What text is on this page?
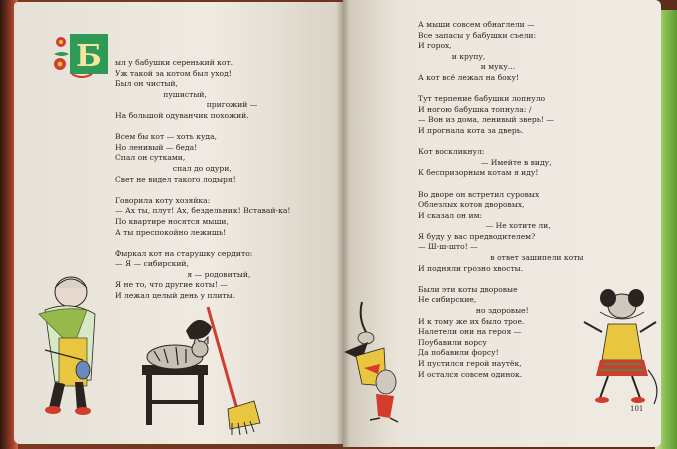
Б ыл у бабушки серенький кот.
Уж такой за котом был уход!
Был он чистый,
пушистый,
пригожий —
На большой одуванчик похожий.

Всем бы кот — хоть куда,
Но ленивый — беда!
Спал он сутками,
спал до одури,
Свет не видел такого лодыря!

Говорила коту хозяйка:
— Ах ты, плут! Ах, бездельник! Вставай-ка!
По квартире носятся мыши,
А ты преспокойно лежишь!

Фыркал кот на старушку сердито:
— Я — сибирский,
я — родовитый,
Я не то, что другие коты! —
И лежал целый день у плиты.
А мыши совсем обнаглели —
Все запасы у бабушки съели:
И горох,
и крупу,
и муку...
А кот всё лежал на боку!

Тут терпение бабушки лопнуло
И ногою бабушка топнула: /
— Вон из дома, ленивый зверь! —
И прогнала кота за дверь.

Кот воскликнул:
— Имейте в виду,
К беспризорным котам я иду!

Во дворе он встретил суровых
Облезлых котов дворовых,
И сказал он им:
— Не хотите ли,
Я буду у вас предводителем?
— Ш-ш-што! —
в ответ зашипели коты
И подняли грозно хвосты.

Были эти коты дворовые
Не сибирские,
но здоровые!
И к тому же их было трое.
Налетели они на героя —
Поубавили ворсу
Да побавили форсу!
И пустился герой наутёк,
И остался совсем одинок.
101
